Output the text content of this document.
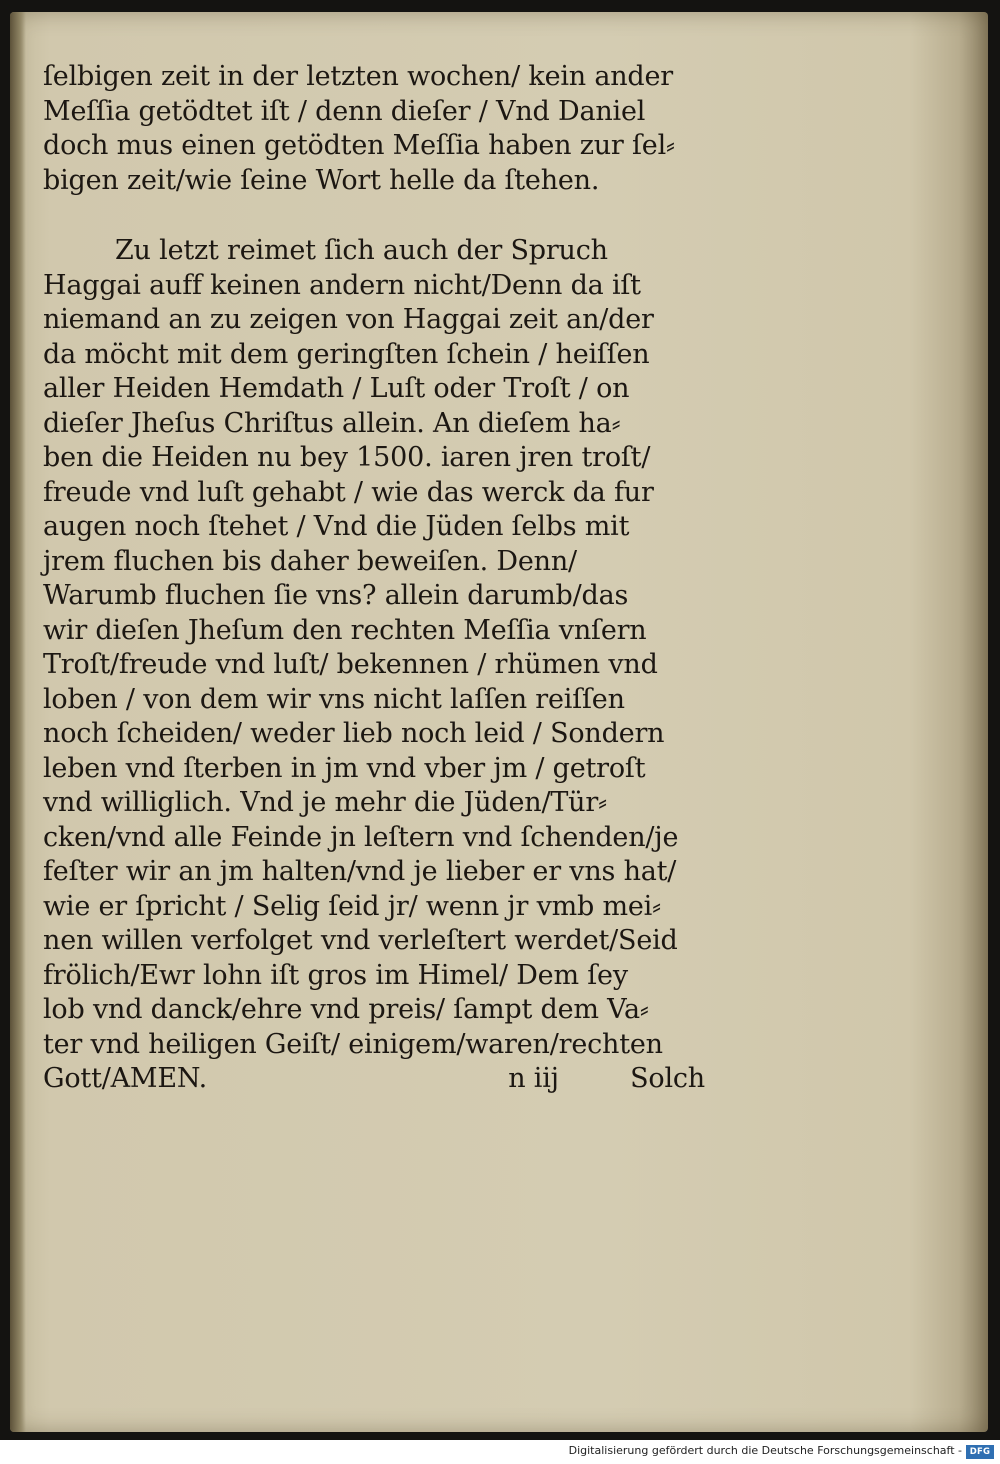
ſelbigen zeit in der letzten wochen/ kein ander
Meſſia getödtet iſt / denn dieſer / Vnd Daniel
doch mus einen getödten Meſſia haben zur ſel⸗
bigen zeit/wie ſeine Wort helle da ſtehen.
Zu letzt reimet ſich auch der Spruch
Haggai auff keinen andern nicht/Denn da iſt
niemand an zu zeigen von Haggai zeit an/der
da möcht mit dem geringſten ſchein / heiſſen
aller Heiden Hemdath / Luſt oder Troſt / on
dieſer Jheſus Chriſtus allein. An dieſem ha⸗
ben die Heiden nu bey 1500. iaren jren troſt/
freude vnd luſt gehabt / wie das werck da fur
augen noch ſtehet / Vnd die Jüden ſelbs mit
jrem fluchen bis daher beweiſen. Denn/
Warumb fluchen ſie vns? allein darumb/das
wir dieſen Jheſum den rechten Meſſia vnſern
Troſt/freude vnd luſt/ bekennen / rhümen vnd
loben / von dem wir vns nicht laſſen reiſſen
noch ſcheiden/ weder lieb noch leid / Sondern
leben vnd ſterben in jm vnd vber jm / getroſt
vnd williglich. Vnd je mehr die Jüden/Tür⸗
cken/vnd alle Feinde jn leſtern vnd ſchenden/je
feſter wir an jm halten/vnd je lieber er vns hat/
wie er ſpricht / Selig ſeid jr/ wenn jr vmb mei⸗
nen willen verfolget vnd verleſtert werdet/Seid
frölich/Ewr lohn iſt gros im Himel/ Dem ſey
lob vnd danck/ehre vnd preis/ ſampt dem Va⸗
ter vnd heiligen Geiſt/ einigem/waren/rechten
Gott/AMEN.	n iij	Solch
Digitalisierung gefördert durch die Deutsche Forschungsgemeinschaft - DFG
